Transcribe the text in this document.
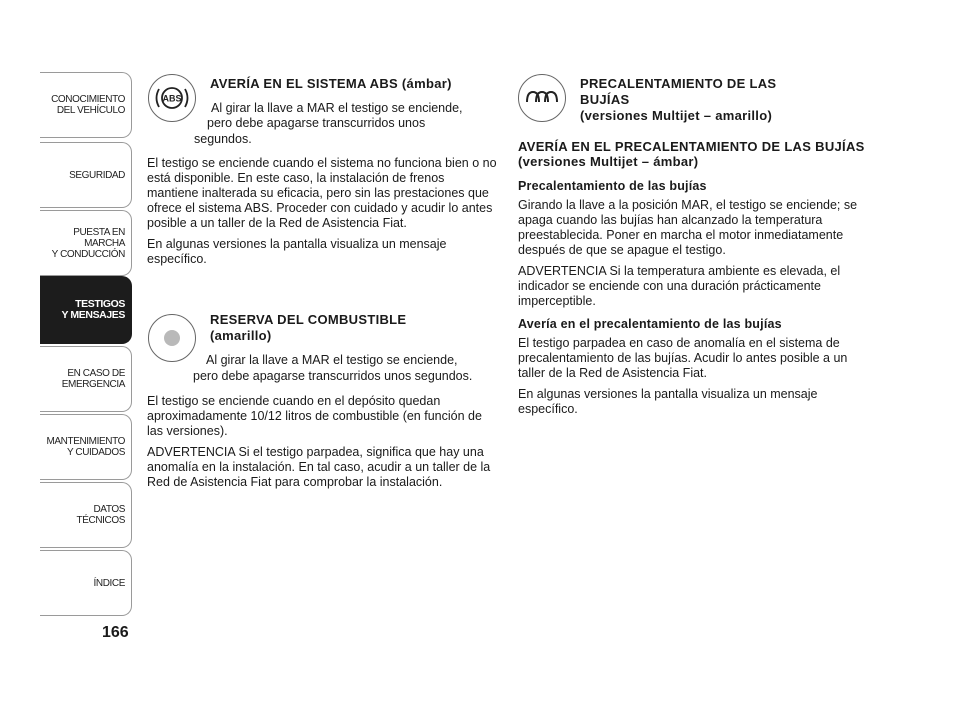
CONOCIMIENTO
DEL VEHÍCULO
SEGURIDAD
PUESTA EN
MARCHA
Y CONDUCCIÓN
TESTIGOS
Y MENSAJES
EN CASO DE
EMERGENCIA
MANTENIMIENTO
Y CUIDADOS
DATOS
TÉCNICOS
ÍNDICE
166
ABS
AVERÍA EN EL SISTEMA ABS (ámbar)
Al girar la llave a MAR el testigo se enciende,
pero debe apagarse transcurridos unos
segundos.

El testigo se enciende cuando el sistema no funciona bien o no está disponible. En este caso, la instalación de frenos mantiene inalterada su eficacia, pero sin las prestaciones que ofrece el sistema ABS. Proceder con cuidado y acudir lo antes posible a un taller de la Red de Asistencia Fiat.

En algunas versiones la pantalla visualiza un mensaje específico.

RESERVA DEL COMBUSTIBLE
(amarillo)
Al girar la llave a MAR el testigo se enciende,
pero debe apagarse transcurridos unos segundos.

El testigo se enciende cuando en el depósito quedan aproximadamente 10/12 litros de combustible (en función de las versiones).

ADVERTENCIA Si el testigo parpadea, significa que hay una anomalía en la instalación. En tal caso, acudir a un taller de la Red de Asistencia Fiat para comprobar la instalación.

PRECALENTAMIENTO DE LAS
BUJÍAS
(versiones Multijet – amarillo)
AVERÍA EN EL PRECALENTAMIENTO DE LAS BUJÍAS (versiones Multijet – ámbar)

Precalentamiento de las bujías

Girando la llave a la posición MAR, el testigo se enciende; se apaga cuando las bujías han alcanzado la temperatura preestablecida. Poner en marcha el motor inmediatamente después de que se apague el testigo.

ADVERTENCIA Si la temperatura ambiente es elevada, el indicador se enciende con una duración prácticamente imperceptible.

Avería en el precalentamiento de las bujías

El testigo parpadea en caso de anomalía en el sistema de precalentamiento de las bujías. Acudir lo antes posible a un taller de la Red de Asistencia Fiat.

En algunas versiones la pantalla visualiza un mensaje específico.
